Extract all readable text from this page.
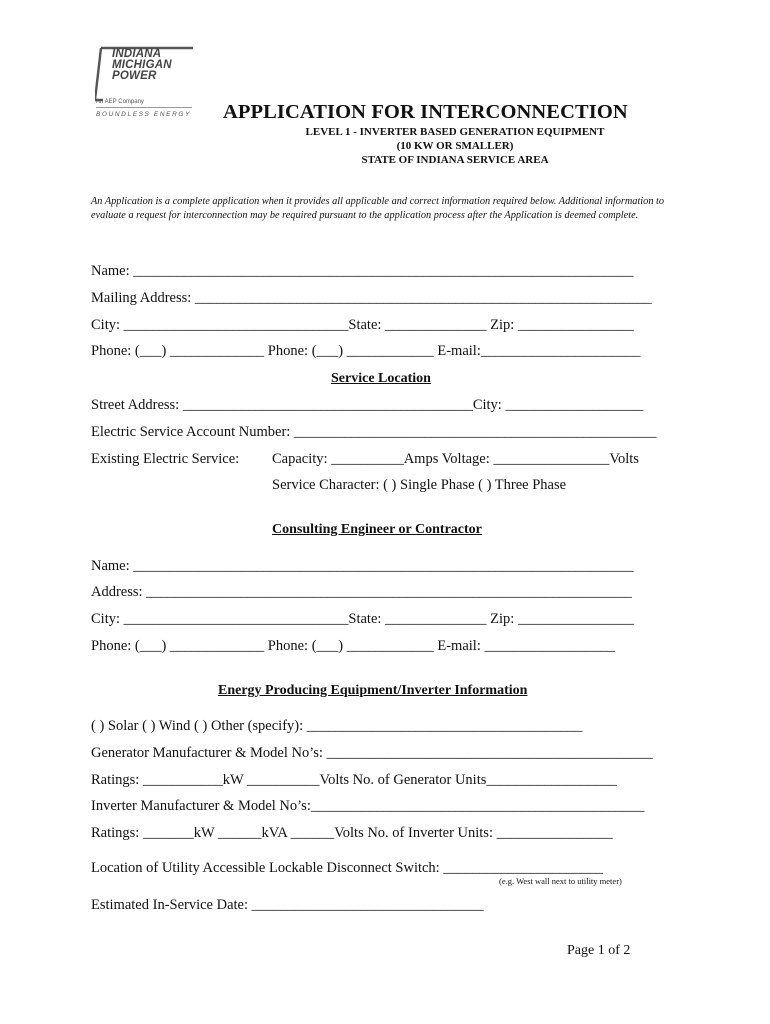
INDIANA
MICHIGAN
POWER
An AEP Company
BOUNDLESS ENERGY APPLICATION FOR INTERCONNECTION
LEVEL 1 - INVERTER BASED GENERATION EQUIPMENT
(10 KW OR SMALLER)
STATE OF INDIANA SERVICE AREA
An Application is a complete application when it provides all applicable and correct information required below. Additional information to evaluate a request for interconnection may be required pursuant to the application process after the Application is deemed complete.
Name: _____________________________________________________________________
Mailing Address: _______________________________________________________________
City: _______________________________State: ______________ Zip: ________________
Phone: (___) _____________ Phone: (___) ____________ E-mail:______________________
Service Location
Street Address: ________________________________________City: ___________________
Electric Service Account Number: __________________________________________________
Existing Electric Service: Capacity: __________Amps Voltage: ________________Volts
Service Character: ( ) Single Phase ( ) Three Phase
Consulting Engineer or Contractor
Name: _____________________________________________________________________
Address: ___________________________________________________________________
City: _______________________________State: ______________ Zip: ________________
Phone: (___) _____________ Phone: (___) ____________ E-mail: __________________
Energy Producing Equipment/Inverter Information
( ) Solar ( ) Wind ( ) Other (specify): ______________________________________
Generator Manufacturer & Model No’s: _____________________________________________
Ratings: ___________kW __________Volts No. of Generator Units__________________
Inverter Manufacturer & Model No’s:______________________________________________
Ratings: _______kW ______kVA ______Volts No. of Inverter Units: ________________
Location of Utility Accessible Lockable Disconnect Switch: ______________________
(e.g. West wall next to utility meter)
Estimated In-Service Date: ________________________________
Page 1 of 2
